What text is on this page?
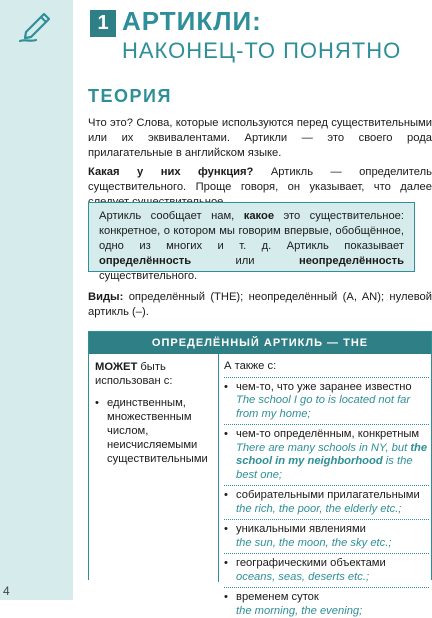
4
1 АРТИКЛИ:
НАКОНЕЦ-ТО ПОНЯТНО
ТЕОРИЯ
Что это? Слова, которые используются перед существительными или их эквивалентами. Артикли — это своего рода прилагательные в английском языке.
Какая у них функция? Артикль — определитель существительного. Проще говоря, он указывает, что далее
Артикль сообщает нам, какое это существительное: конкретное, о котором мы говорим впервые, обобщённое, одно из многих и т. д. Артикль показывает определённость или неопределённость существительного.
Виды: определённый (THE); неопределённый (A, AN); нулевой артикль (–).
ОПРЕДЕЛЁННЫЙ АРТИКЛЬ — THE
МОЖЕТ быть использован с:
• единственным, множественным числом, неисчисляемыми существительными
А также с:
• чем-то, что уже заранее известно
The school I go to is located not far from my home;
• чем-то определённым, конкретным
There are many schools in NY, but the school in my neighborhood is the best one;
• собирательными прилагательными
the rich, the poor, the elderly etc.;
• уникальными явлениями
the sun, the moon, the sky etc.;
• географическими объектами
oceans, seas, deserts etc.;
• временем суток
the morning, the evening;
